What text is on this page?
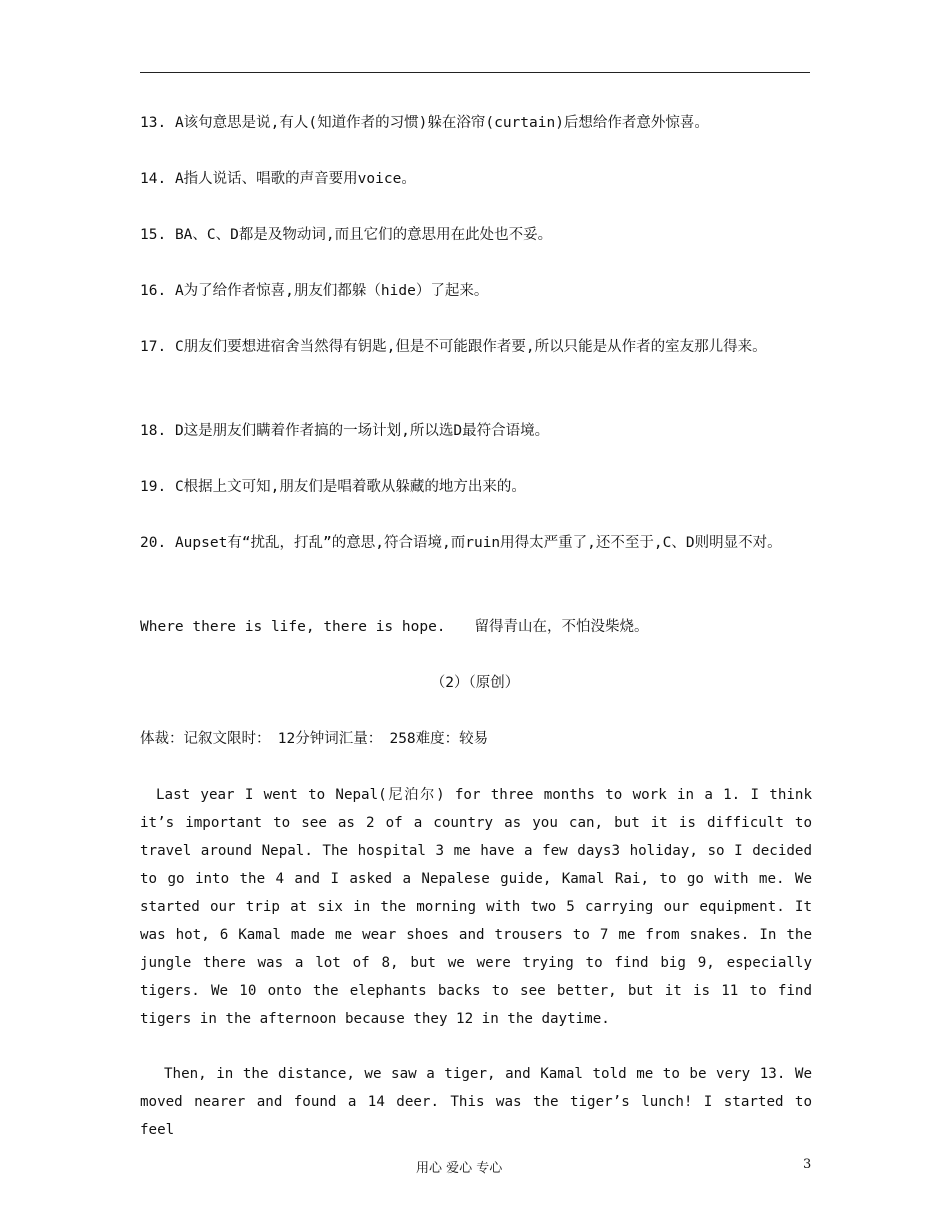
13. A该句意思是说,有人(知道作者的习惯)躲在浴帘(curtain)后想给作者意外惊喜。
14. A指人说话、唱歌的声音要用voice。
15. BA、C、D都是及物动词,而且它们的意思用在此处也不妥。
16. A为了给作者惊喜,朋友们都躲（hide）了起来。
17. C朋友们要想进宿舍当然得有钥匙,但是不可能跟作者要,所以只能是从作者的室友那儿得来。
18. D这是朋友们瞒着作者搞的一场计划,所以选D最符合语境。
19. C根据上文可知,朋友们是唱着歌从躲藏的地方出来的。
20. Aupset有“扰乱，打乱”的意思,符合语境,而ruin用得太严重了,还不至于,C、D则明显不对。
Where there is life, there is hope.　　留得青山在，不怕没柴烧。
（2）（原创）
体裁：记叙文限时：　12分钟词汇量：　258难度：较易
Last year I went to Nepal(尼泊尔) for three months to work in a 1. I think it’s important to see as 2 of a country as you can, but it is difficult to travel around Nepal. The hospital 3 me have a few days3 holiday, so I decided to go into the 4 and I asked a Nepalese guide, Kamal Rai, to go with me. We started our trip at six in the morning with two 5 carrying our equipment. It was hot, 6 Kamal made me wear shoes and trousers to 7 me from snakes. In the jungle there was a lot of 8, but we were trying to find big 9, especially tigers. We 10 onto the elephants backs to see better, but it is 11 to find tigers in the afternoon because they 12 in the daytime.
Then, in the distance, we saw a tiger, and Kamal told me to be very 13. We moved nearer and found a 14 deer. This was the tiger’s lunch! I started to feel
用心 爱心 专心	3
